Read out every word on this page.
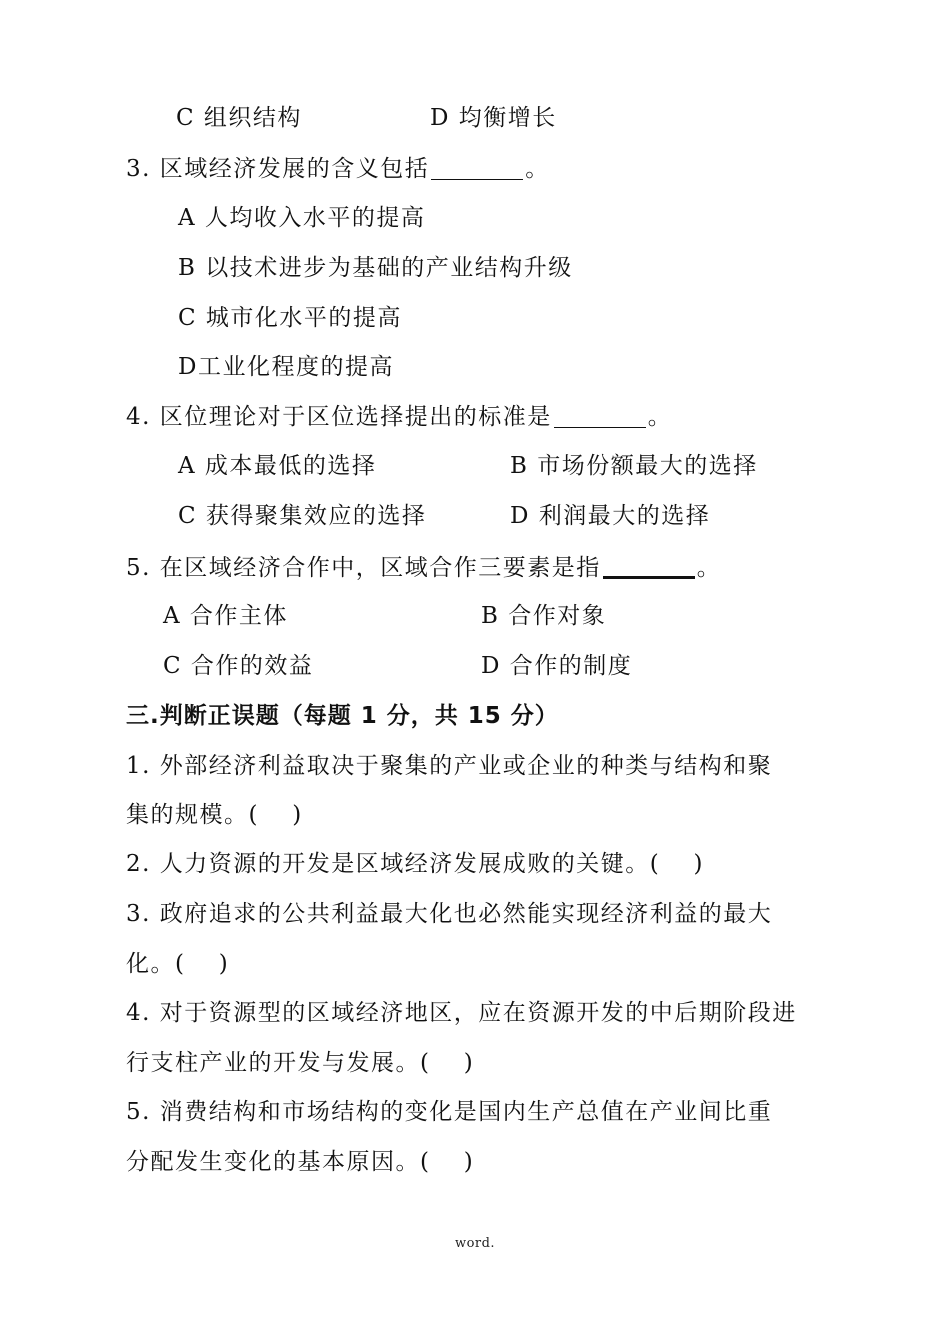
C 组织结构	D 均衡增长
3. 区域经济发展的含义包括	。
A 人均收入水平的提高
B 以技术进步为基础的产业结构升级
C 城市化水平的提高
D工业化程度的提高
4. 区位理论对于区位选择提出的标准是	。
A 成本最低的选择	B 市场份额最大的选择
C 获得聚集效应的选择	D 利润最大的选择
5. 在区域经济合作中，区域合作三要素是指	。
A 合作主体	B 合作对象
C 合作的效益	D 合作的制度
三.判断正误题（每题 1 分，共 15 分）
1. 外部经济利益取决于聚集的产业或企业的种类与结构和聚
集的规模。(　 )
2. 人力资源的开发是区域经济发展成败的关键。(　 )
3. 政府追求的公共利益最大化也必然能实现经济利益的最大
化。(　 )
4. 对于资源型的区域经济地区，应在资源开发的中后期阶段进
行支柱产业的开发与发展。(　 )
5. 消费结构和市场结构的变化是国内生产总值在产业间比重
分配发生变化的基本原因。(　 )
word.
